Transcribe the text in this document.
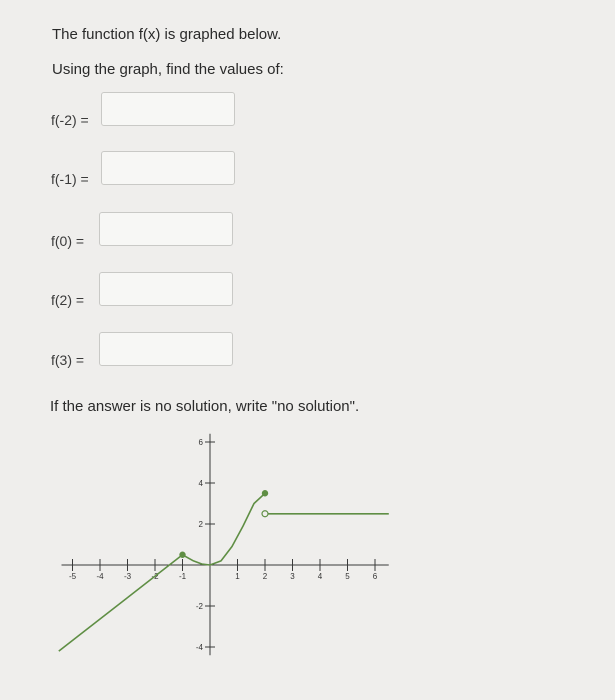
The function f(x) is graphed below.
Using the graph, find the values of:
f(-2) =
f(-1) =
f(0) =
f(2) =
f(3) =
If the answer is no solution, write "no solution".
-5	-4	-3	-2	-1	1	2	3	4	5	6
6
4
2
-2
-4
